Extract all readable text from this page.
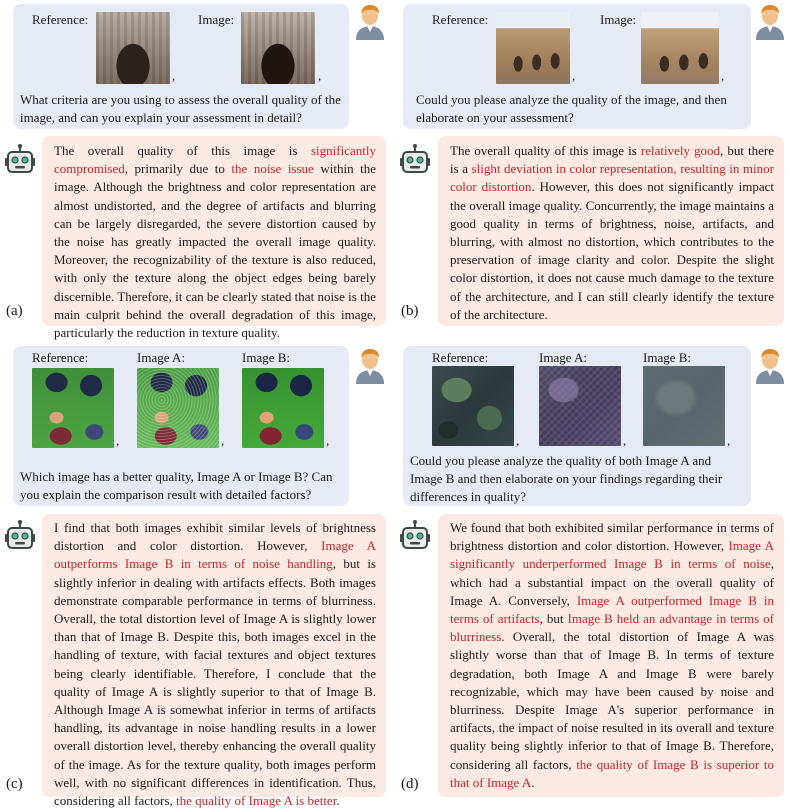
Reference:
,
Image:
,
What criteria are you using to assess the overall quality of the image, and can you explain your assessment in detail?
The overall quality of this image is significantly compromised, primarily due to the noise issue within the image. Although the brightness and color representation are almost undistorted, and the degree of artifacts and blurring can be largely disregarded, the severe distortion caused by the noise has greatly impacted the overall image quality. Moreover, the recognizability of the texture is also reduced, with only the texture along the object edges being barely discernible. Therefore, it can be clearly stated that noise is the main culprit behind the overall degradation of this image, particularly the reduction in texture quality.
(a)
Reference:
,
Image:
,
Could you please analyze the quality of the image, and then elaborate on your assessment?
The overall quality of this image is relatively good, but there is a slight deviation in color representation, resulting in minor color distortion. However, this does not significantly impact the overall image quality. Concurrently, the image maintains a good quality in terms of brightness, noise, artifacts, and blurring, with almost no distortion, which contributes to the preservation of image clarity and color. Despite the slight color distortion, it does not cause much damage to the texture of the architecture, and I can still clearly identify the texture of the architecture.
(b)
Reference:
,
Image A:
,
Image B:
,
Which image has a better quality, Image A or Image B? Can you explain the comparison result with detailed factors?
I find that both images exhibit similar levels of brightness distortion and color distortion. However, Image A outperforms Image B in terms of noise handling, but is slightly inferior in dealing with artifacts effects. Both images demonstrate comparable performance in terms of blurriness. Overall, the total distortion level of Image A is slightly lower than that of Image B. Despite this, both images excel in the handling of texture, with facial textures and object textures being clearly identifiable. Therefore, I conclude that the quality of Image A is slightly superior to that of Image B. Although Image A is somewhat inferior in terms of artifacts handling, its advantage in noise handling results in a lower overall distortion level, thereby enhancing the overall quality of the image. As for the texture quality, both images perform well, with no significant differences in identification. Thus, considering all factors, the quality of Image A is better.
(c)
Reference:
,
Image A:
,
Image B:
,
Could you please analyze the quality of both Image A and Image B and then elaborate on your findings regarding their differences in quality?
We found that both exhibited similar performance in terms of brightness distortion and color distortion. However, Image A significantly underperformed Image B in terms of noise, which had a substantial impact on the overall quality of Image A. Conversely, Image A outperformed Image B in terms of artifacts, but Image B held an advantage in terms of blurriness. Overall, the total distortion of Image A was slightly worse than that of Image B. In terms of texture degradation, both Image A and Image B were barely recognizable, which may have been caused by noise and blurriness. Despite Image A's superior performance in artifacts, the impact of noise resulted in its overall and texture quality being slightly inferior to that of Image B. Therefore, considering all factors, the quality of Image B is superior to that of Image A.
(d)
